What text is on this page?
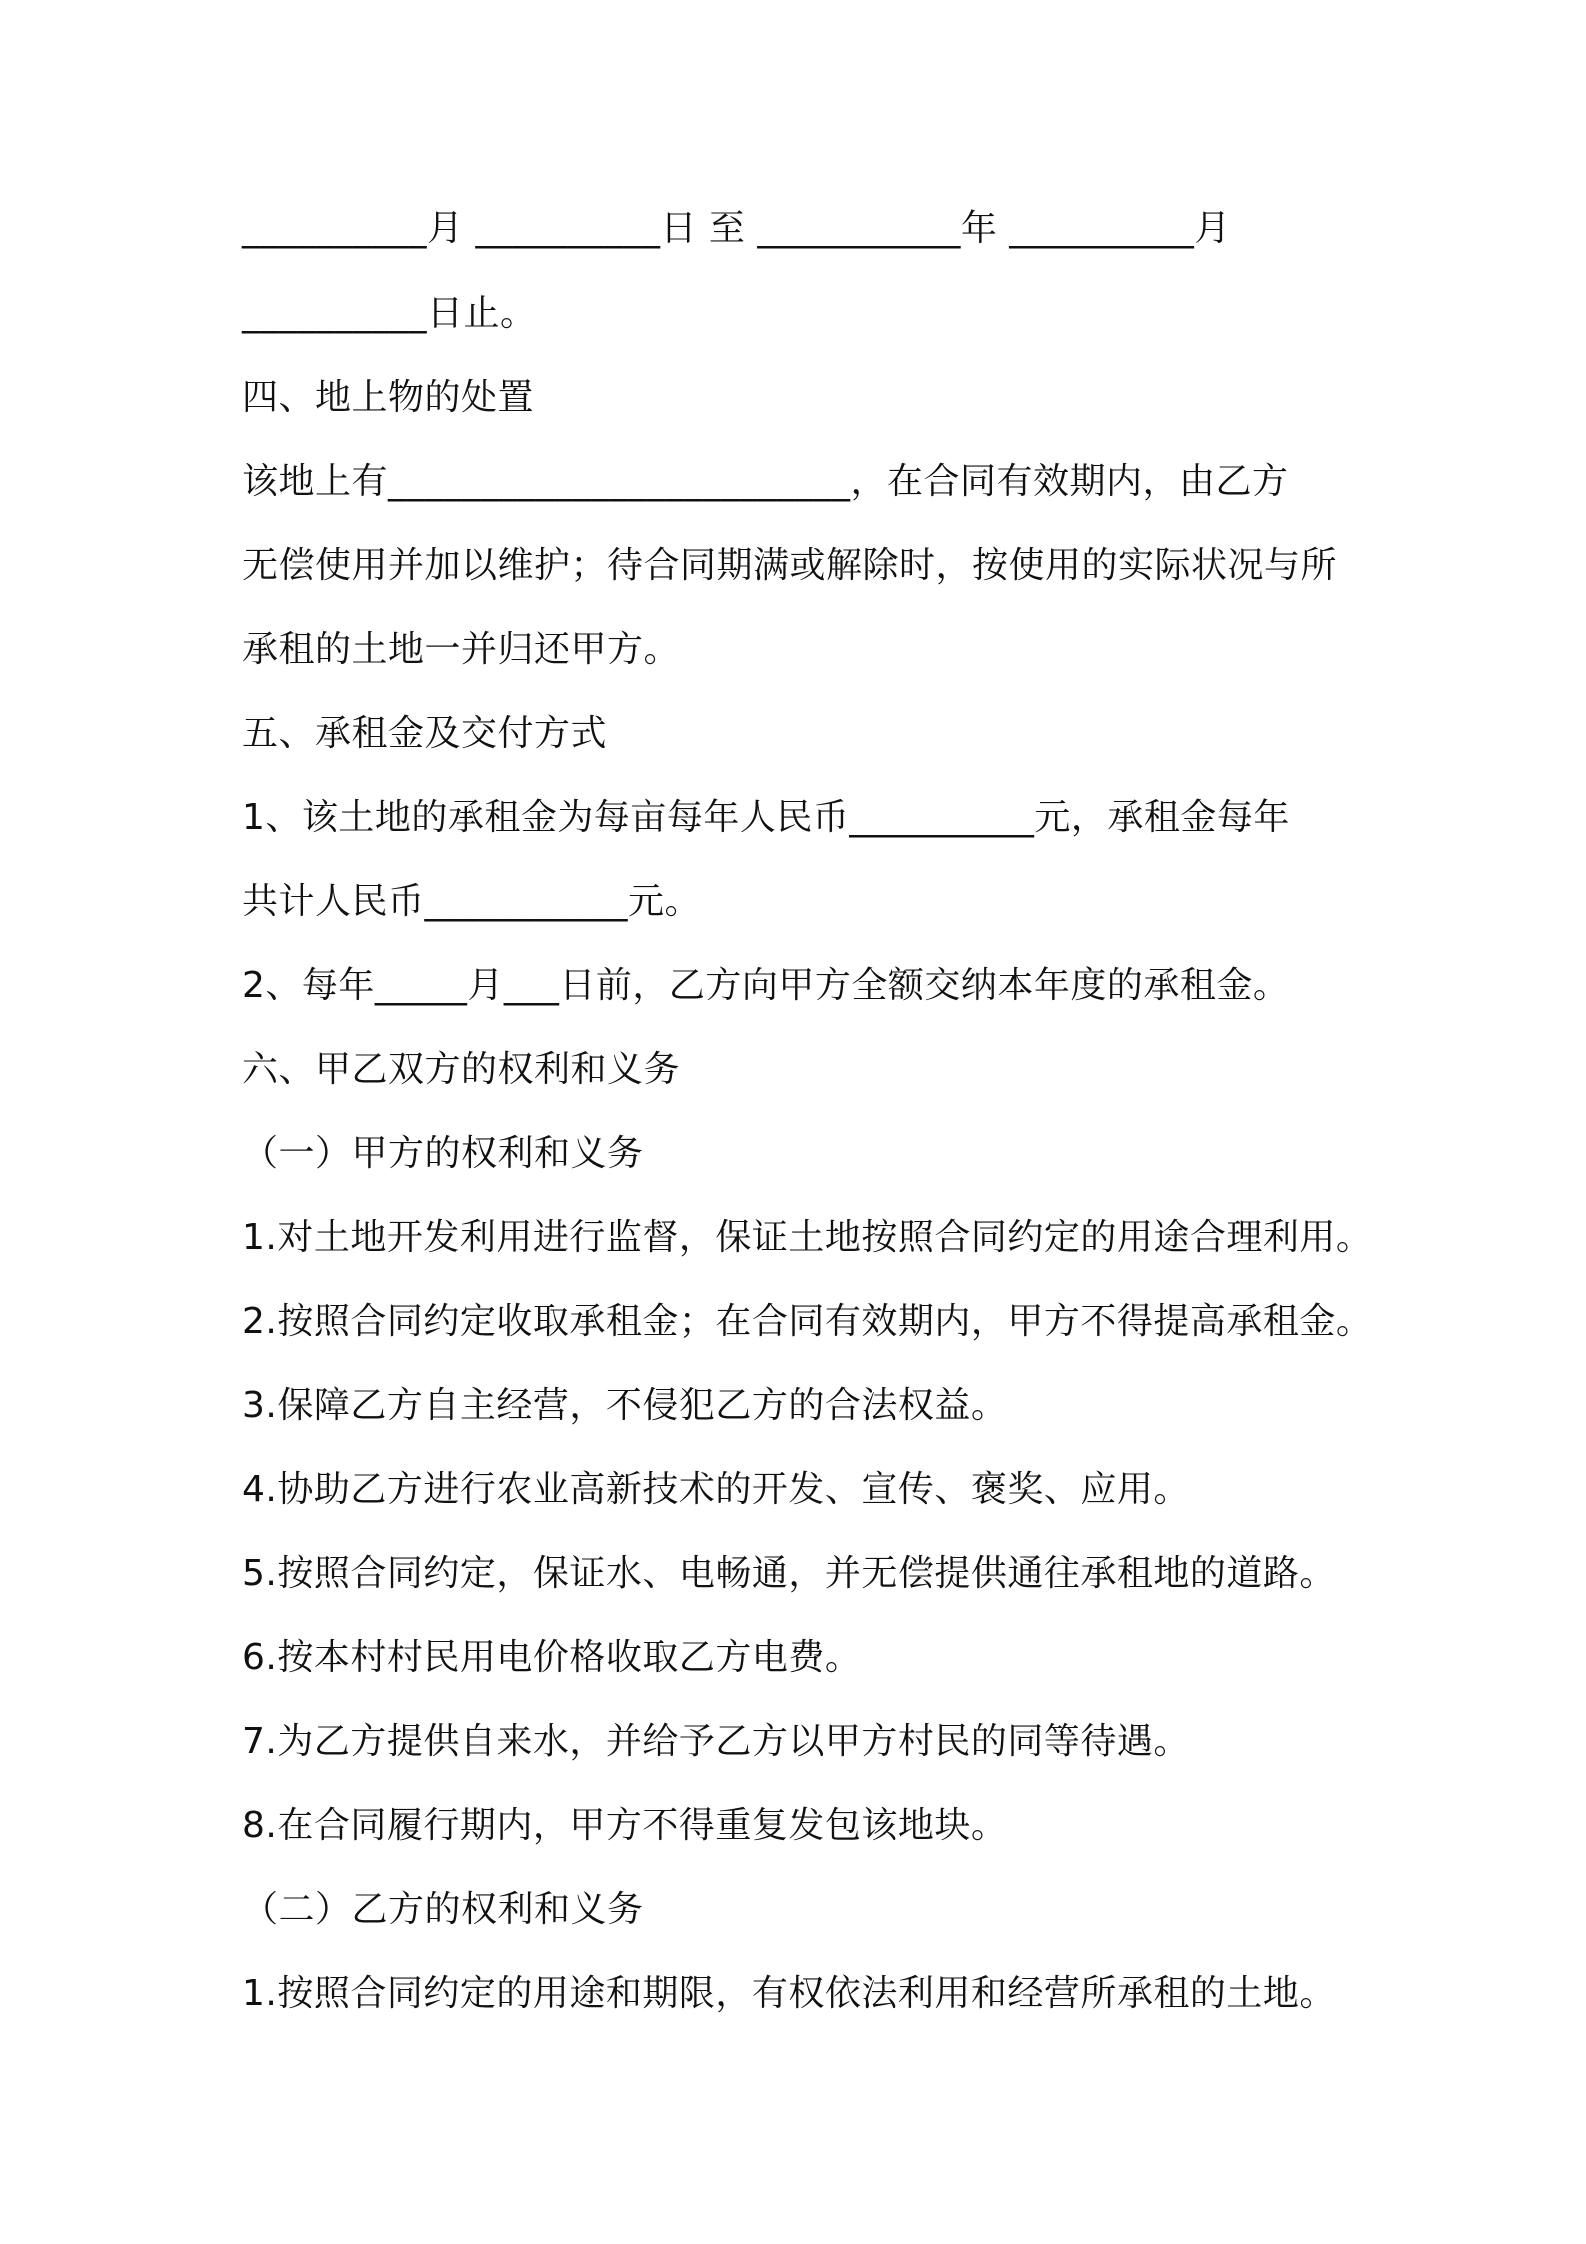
__________月 __________日 至 ___________年 __________月

__________日止。

四、地上物的处置

该地上有_________________________，在合同有效期内，由乙方

无偿使用并加以维护；待合同期满或解除时，按使用的实际状况与所

承租的土地一并归还甲方。

五、承租金及交付方式

1、该土地的承租金为每亩每年人民币__________元，承租金每年

共计人民币___________元。

2、每年_____月___日前，乙方向甲方全额交纳本年度的承租金。

六、甲乙双方的权利和义务

（一）甲方的权利和义务

1.对土地开发利用进行监督，保证土地按照合同约定的用途合理利用。

2.按照合同约定收取承租金；在合同有效期内，甲方不得提高承租金。

3.保障乙方自主经营，不侵犯乙方的合法权益。

4.协助乙方进行农业高新技术的开发、宣传、褒奖、应用。

5.按照合同约定，保证水、电畅通，并无偿提供通往承租地的道路。

6.按本村村民用电价格收取乙方电费。

7.为乙方提供自来水，并给予乙方以甲方村民的同等待遇。

8.在合同履行期内，甲方不得重复发包该地块。

（二）乙方的权利和义务

1.按照合同约定的用途和期限，有权依法利用和经营所承租的土地。
